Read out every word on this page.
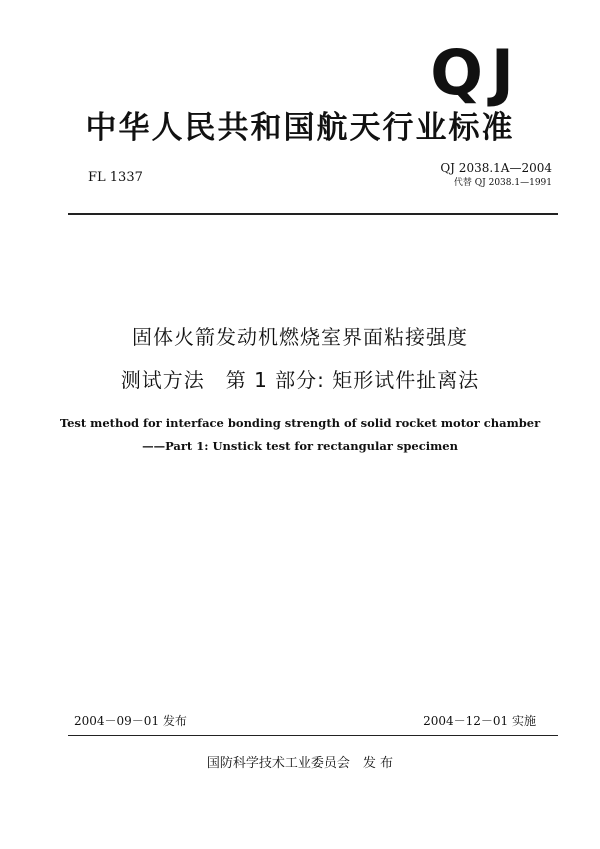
QJ
中华人民共和国航天行业标准
FL 1337
QJ 2038.1A—2004
代替 QJ 2038.1—1991
固体火箭发动机燃烧室界面粘接强度
测试方法　第 1 部分: 矩形试件扯离法
Test method for interface bonding strength of solid rocket motor chamber
——Part 1: Unstick test for rectangular specimen
2004－09－01 发布	2004－12－01 实施
国防科学技术工业委员会　发 布
